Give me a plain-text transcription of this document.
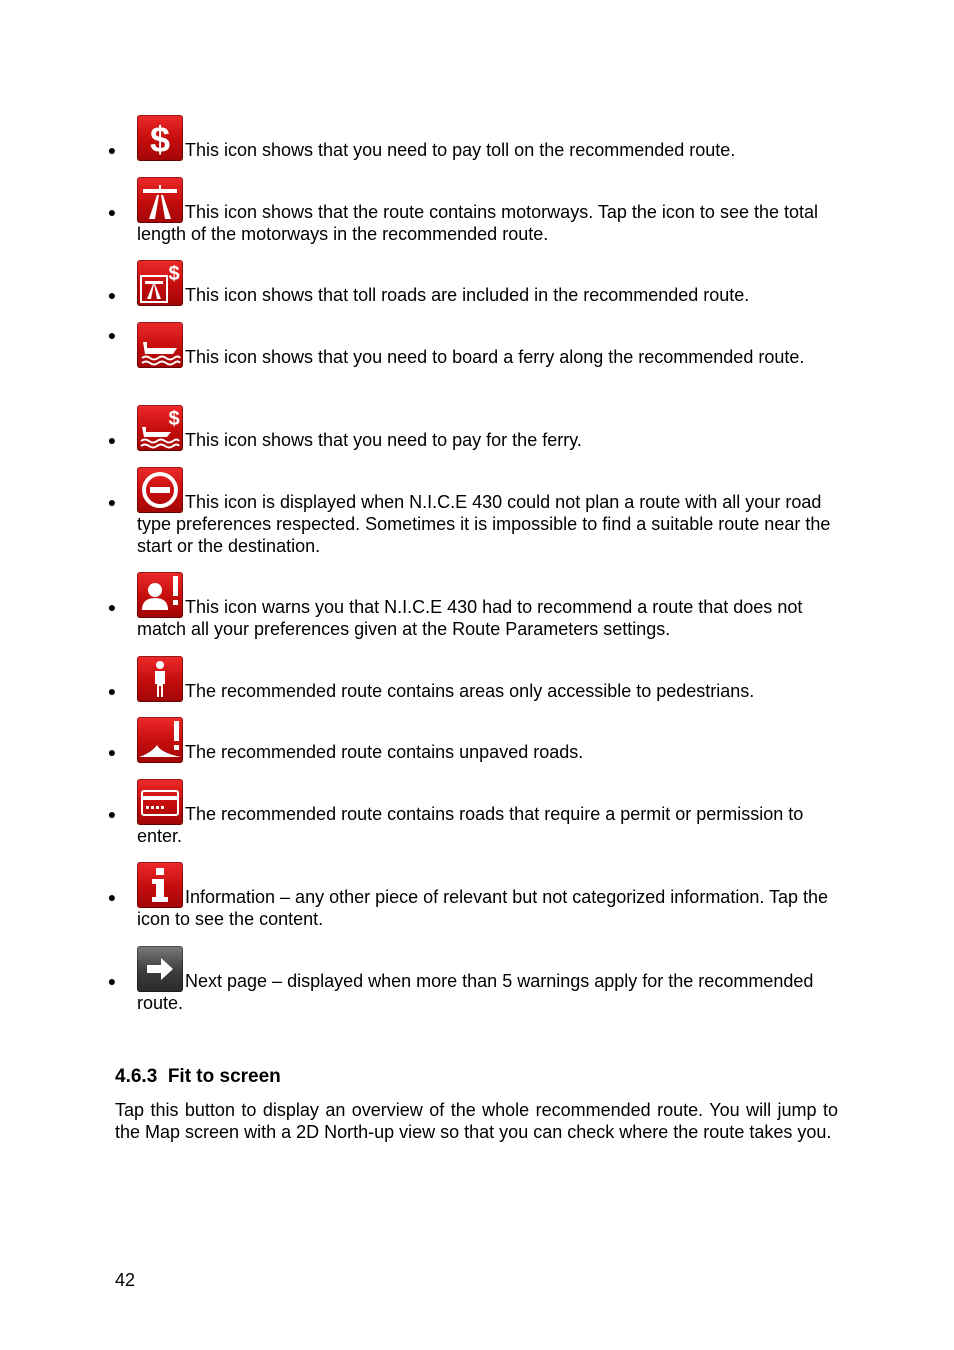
● $ This icon shows that you need to pay toll on the recommended route.
●	This icon shows that the route contains motorways. Tap the icon to see the total length of the motorways in the recommended route.
●
$
This icon shows that toll roads are included in the recommended route.
●
This icon shows that you need to board a ferry along the recommended route.
●
$
This icon shows that you need to pay for the ferry.
●	This icon is displayed when N.I.C.E 430 could not plan a route with all your road type preferences respected. Sometimes it is impossible to find a suitable route near the start or the destination.
●	This icon warns you that N.I.C.E 430 had to recommend a route that does not match all your preferences given at the Route Parameters settings.
●	The recommended route contains areas only accessible to pedestrians.
●	The recommended route contains unpaved roads.
●	The recommended route contains roads that require a permit or permission to enter.
●	Information – any other piece of relevant but not categorized information. Tap the icon to see the content.
●	Next page – displayed when more than 5 warnings apply for the recommended route.
4.6.3  Fit to screen
Tap this button to display an overview of the whole recommended route. You will jump to the Map screen with a 2D North-up view so that you can check where the route takes you.
42
